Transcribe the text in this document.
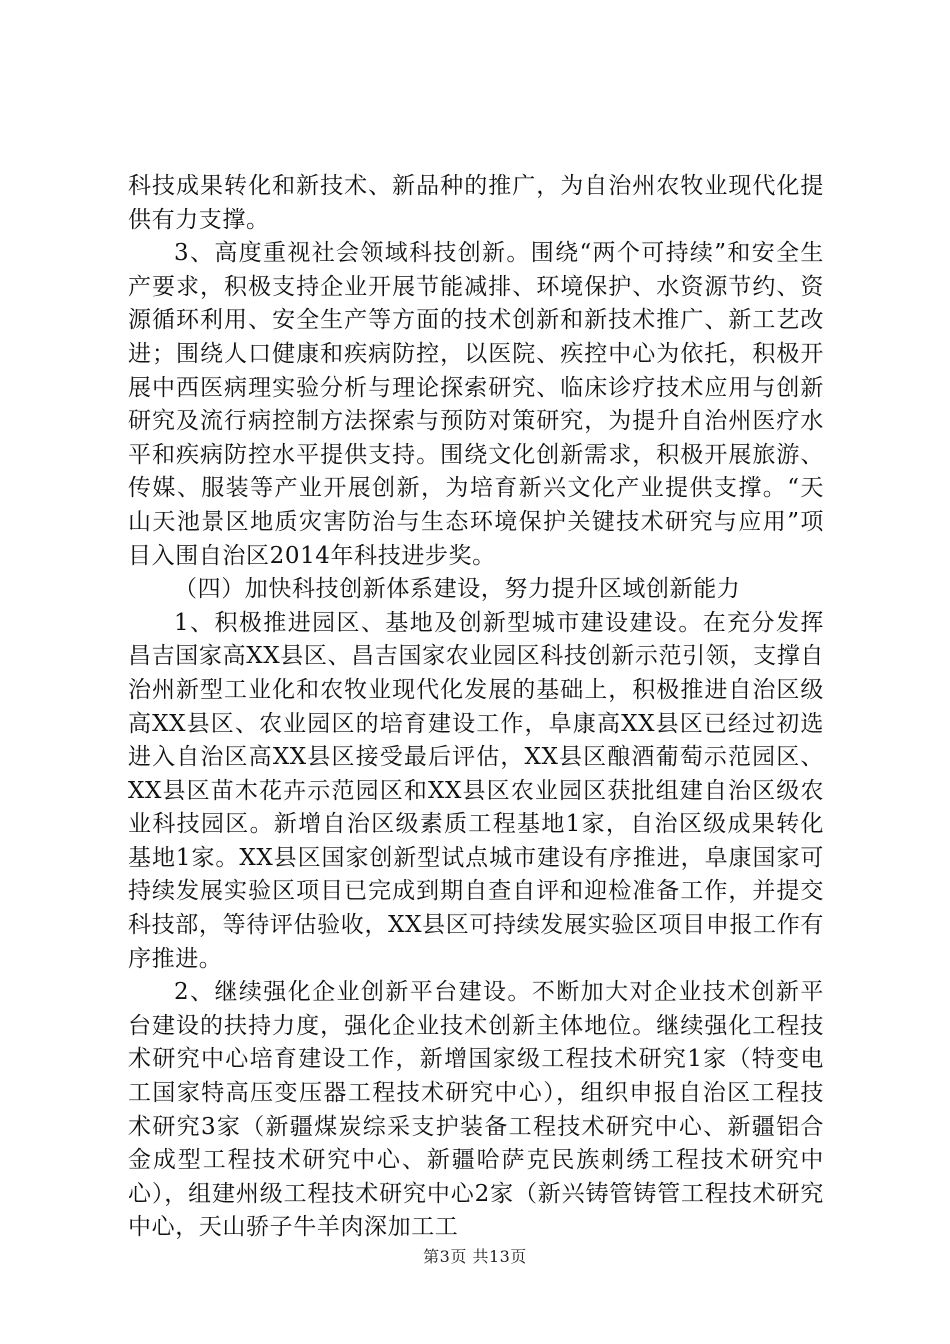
科技成果转化和新技术、新品种的推广，为自治州农牧业现代化提供有力支撑。

3、高度重视社会领域科技创新。围绕“两个可持续”和安全生产要求，积极支持企业开展节能减排、环境保护、水资源节约、资源循环利用、安全生产等方面的技术创新和新技术推广、新工艺改进；围绕人口健康和疾病防控，以医院、疾控中心为依托，积极开展中西医病理实验分析与理论探索研究、临床诊疗技术应用与创新研究及流行病控制方法探索与预防对策研究，为提升自治州医疗水平和疾病防控水平提供支持。围绕文化创新需求，积极开展旅游、传媒、服装等产业开展创新，为培育新兴文化产业提供支撑。“天山天池景区地质灾害防治与生态环境保护关键技术研究与应用”项目入围自治区2014年科技进步奖。

（四）加快科技创新体系建设，努力提升区域创新能力

1、积极推进园区、基地及创新型城市建设建设。在充分发挥昌吉国家高XX县区、昌吉国家农业园区科技创新示范引领，支撑自治州新型工业化和农牧业现代化发展的基础上，积极推进自治区级高XX县区、农业园区的培育建设工作，阜康高XX县区已经过初选进入自治区高XX县区接受最后评估，XX县区酿酒葡萄示范园区、XX县区苗木花卉示范园区和XX县区农业园区获批组建自治区级农业科技园区。新增自治区级素质工程基地1家，自治区级成果转化基地1家。XX县区国家创新型试点城市建设有序推进，阜康国家可持续发展实验区项目已完成到期自查自评和迎检准备工作，并提交科技部，等待评估验收，XX县区可持续发展实验区项目申报工作有序推进。

2、继续强化企业创新平台建设。不断加大对企业技术创新平台建设的扶持力度，强化企业技术创新主体地位。继续强化工程技术研究中心培育建设工作，新增国家级工程技术研究1家（特变电工国家特高压变压器工程技术研究中心），组织申报自治区工程技术研究3家（新疆煤炭综采支护装备工程技术研究中心、新疆铝合金成型工程技术研究中心、新疆哈萨克民族刺绣工程技术研究中心），组建州级工程技术研究中心2家（新兴铸管铸管工程技术研究中心，天山骄子牛羊肉深加工工

第3页 共13页
